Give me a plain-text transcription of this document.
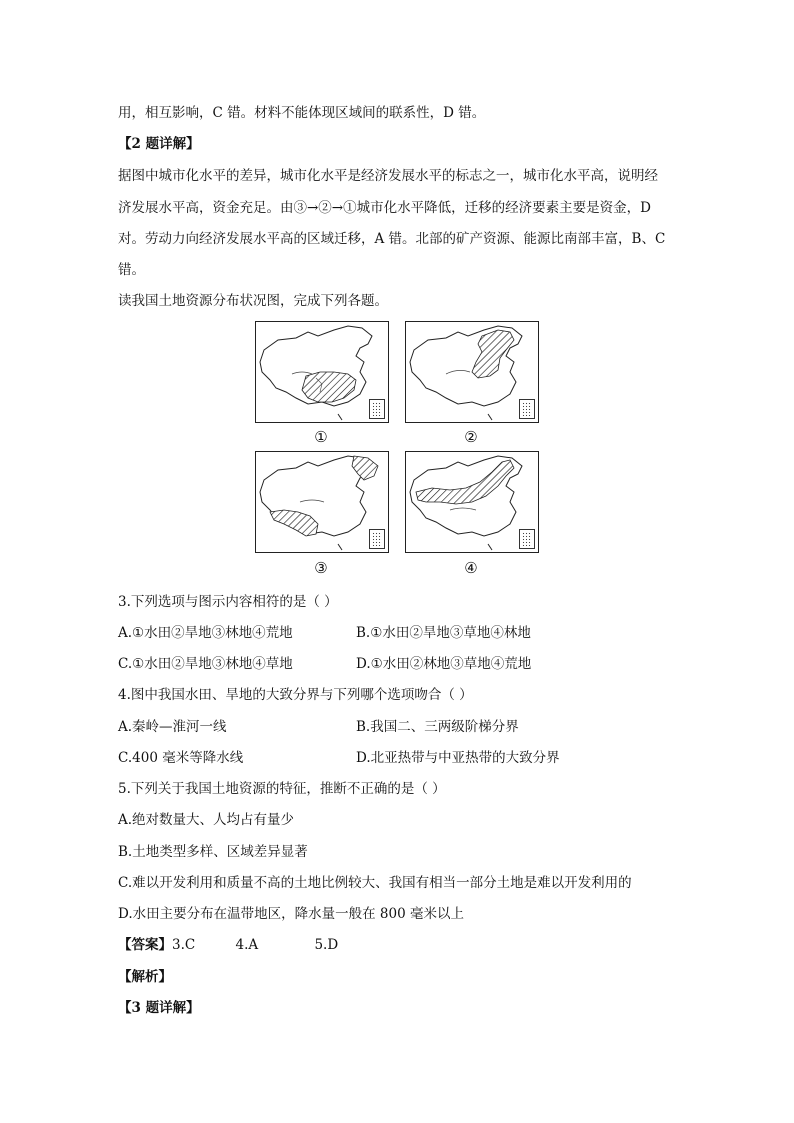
用，相互影响，C 错。材料不能体现区域间的联系性，D 错。
【2 题详解】
据图中城市化水平的差异，城市化水平是经济发展水平的标志之一，城市化水平高，说明经
济发展水平高，资金充足。由③→②→①城市化水平降低，迁移的经济要素主要是资金，D
对。劳动力向经济发展水平高的区域迁移，A 错。北部的矿产资源、能源比南部丰富，B、C
错。
读我国土地资源分布状况图，完成下列各题。
①	②
③	④
3.下列选项与图示内容相符的是（ ）
A.①水田②旱地③林地④荒地	B.①水田②旱地③草地④林地
C.①水田②旱地③林地④草地	D.①水田②林地③草地④荒地
4.图中我国水田、旱地的大致分界与下列哪个选项吻合（ ）
A.秦岭—淮河一线	B.我国二、三两级阶梯分界
C.400 毫米等降水线	D.北亚热带与中亚热带的大致分界
5.下列关于我国土地资源的特征，推断不正确的是（ ）
A.绝对数量大、人均占有量少
B.土地类型多样、区域差异显著
C.难以开发利用和质量不高的土地比例较大、我国有相当一部分土地是难以开发利用的
D.水田主要分布在温带地区，降水量一般在 800 毫米以上
【答案】3.C	4.A	5.D
【解析】
【3 题详解】
